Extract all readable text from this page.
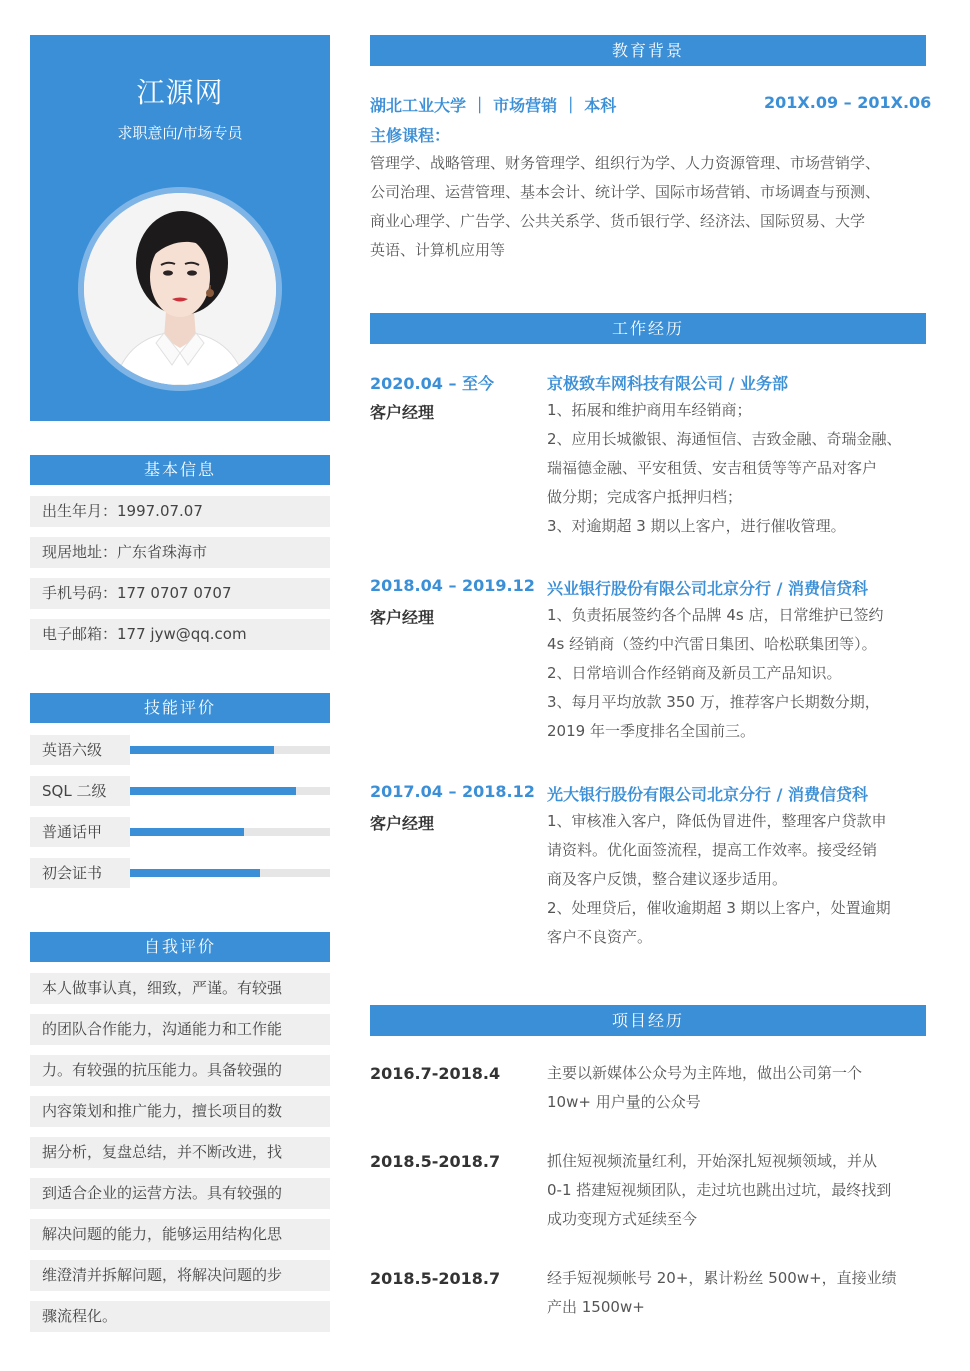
江源网
求职意向/市场专员
基本信息
出生年月：1997.07.07
现居地址：广东省珠海市
手机号码：177 0707 0707
电子邮箱：177 jyw@qq.com
技能评价
英语六级
SQL 二级
普通话甲
初会证书
自我评价
本人做事认真，细致，严谨。有较强
的团队合作能力，沟通能力和工作能
力。有较强的抗压能力。具备较强的
内容策划和推广能力，擅长项目的数
据分析，复盘总结，并不断改进，找
到适合企业的运营方法。具有较强的
解决问题的能力，能够运用结构化思
维澄清并拆解问题，将解决问题的步
骤流程化。
教育背景
湖北工业大学 ｜ 市场营销 ｜ 本科	201X.09 – 201X.06
主修课程：
管理学、战略管理、财务管理学、组织行为学、人力资源管理、市场营销学、
公司治理、运营管理、基本会计、统计学、国际市场营销、市场调查与预测、
商业心理学、广告学、公共关系学、货币银行学、经济法、国际贸易、大学
英语、计算机应用等
工作经历
2020.04 – 至今
客户经理
京极致车网科技有限公司 / 业务部
1、拓展和维护商用车经销商；
2、应用长城徽银、海通恒信、吉致金融、奇瑞金融、
瑞福德金融、平安租赁、安吉租赁等等产品对客户
做分期；完成客户抵押归档；
3、对逾期超 3 期以上客户，进行催收管理。
2018.04 – 2019.12
客户经理
兴业银行股份有限公司北京分行 / 消费信贷科
1、负责拓展签约各个品牌 4s 店，日常维护已签约
4s 经销商（签约中汽雷日集团、哈松联集团等）。
2、日常培训合作经销商及新员工产品知识。
3、每月平均放款 350 万，推荐客户长期数分期，
2019 年一季度排名全国前三。
2017.04 – 2018.12
客户经理
光大银行股份有限公司北京分行 / 消费信贷科
1、审核准入客户，降低伪冒进件，整理客户贷款申
请资料。优化面签流程，提高工作效率。接受经销
商及客户反馈，整合建议逐步适用。
2、处理贷后，催收逾期超 3 期以上客户，处置逾期
客户不良资产。
项目经历
2016.7-2018.4	主要以新媒体公众号为主阵地，做出公司第一个
10w+ 用户量的公众号
2018.5-2018.7	抓住短视频流量红利，开始深扎短视频领域，并从
0-1 搭建短视频团队，走过坑也跳出过坑，最终找到
成功变现方式延续至今
2018.5-2018.7	经手短视频帐号 20+，累计粉丝 500w+，直接业绩
产出 1500w+
